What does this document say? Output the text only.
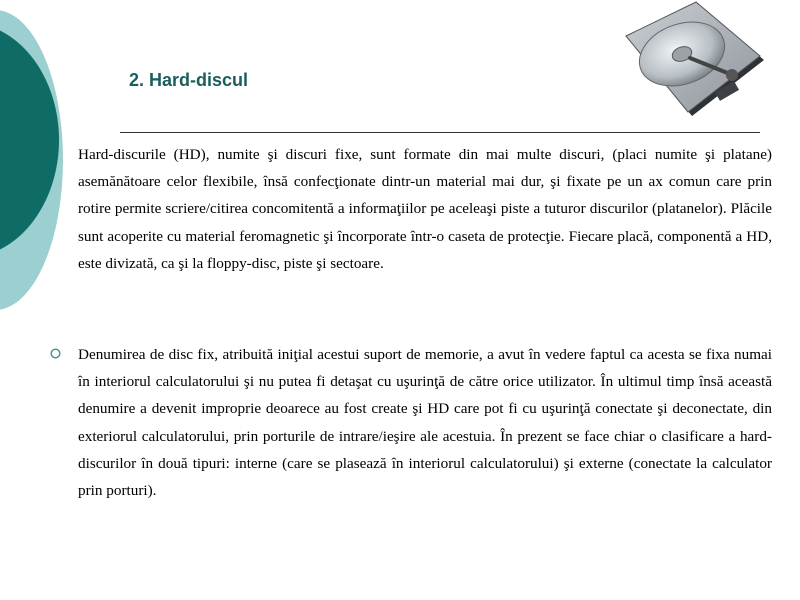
2. Hard-discul

Hard-discurile (HD), numite şi discuri fixe, sunt formate din mai multe discuri, (placi numite şi platane) asemănătoare celor flexibile, însă confecţionate dintr-un material mai dur, şi fixate pe un ax comun care prin rotire permite scriere/citirea concomitentă a informaţiilor pe aceleaşi piste a tuturor discurilor (platanelor). Plăcile sunt acoperite cu material feromagnetic şi încorporate într-o caseta de protecţie. Fiecare placă, componentă a HD, este divizată, ca şi la floppy-disc, piste şi sectoare.

Denumirea de disc fix, atribuită iniţial acestui suport de memorie, a avut în vedere faptul ca acesta se fixa numai în interiorul calculatorului şi nu putea fi detaşat cu uşurinţă de către orice utilizator. În ultimul timp însă această denumire a devenit improprie deoarece au fost create şi HD care pot fi cu uşurinţă conectate şi deconectate, din exteriorul calculatorului, prin porturile de intrare/ieşire ale acestuia. În prezent se face chiar o clasificare a hard-discurilor în două tipuri: interne (care se plasează în interiorul calculatorului) şi externe (conectate la calculator prin porturi).
